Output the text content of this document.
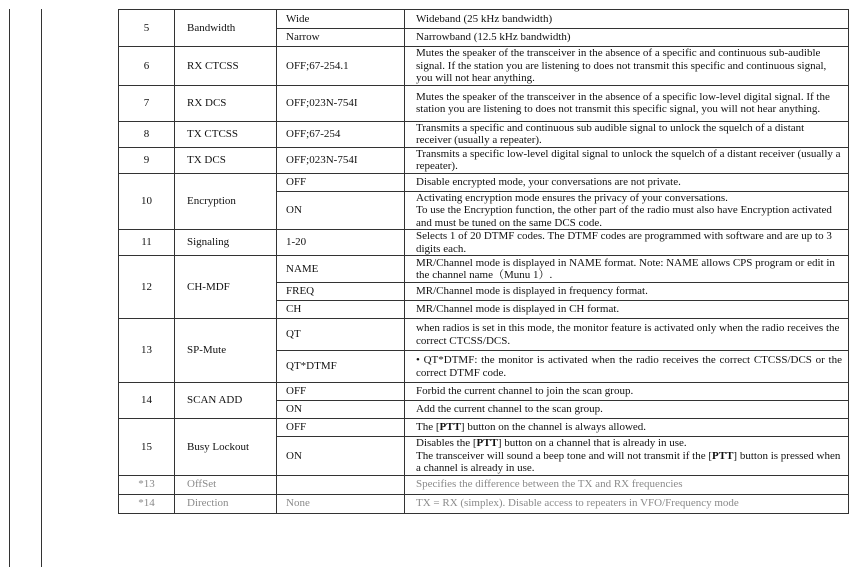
5	Bandwidth	Wide	Wideband (25 kHz bandwidth)
		Narrow	Narrowband (12.5 kHz bandwidth)
6	RX CTCSS	OFF;67-254.1	Mutes the speaker of the transceiver in the absence of a specific and continuous sub-audible signal. If the station you are listening to does not transmit this specific and continuous signal, you will not hear anything.
7	RX DCS	OFF;023N-754I	Mutes the speaker of the transceiver in the absence of a specific low-level digital signal. If the station you are listening to does not transmit this specific signal, you will not hear anything.
8	TX CTCSS	OFF;67-254	Transmits a specific and continuous sub audible signal to unlock the squelch of a distant receiver (usually a repeater).
9	TX DCS	OFF;023N-754I	Transmits a specific low-level digital signal to unlock the squelch of a distant receiver (usually a repeater).
10	Encryption	OFF	Disable encrypted mode, your conversations are not private.
		ON	Activating encryption mode ensures the privacy of your conversations.
To use the Encryption function, the other part of the radio must also have Encryption activated and must be tuned on the same DCS code.

11	Signaling	1-20	Selects 1 of 20 DTMF codes. The DTMF codes are programmed with software and are up to 3 digits each.
12	CH-MDF	NAME	MR/Channel mode is displayed in NAME format. Note: NAME allows CPS program or edit in the channel name（Munu 1）.
		FREQ	MR/Channel mode is displayed in frequency format.
		CH	MR/Channel mode is displayed in CH format.
13	SP-Mute	QT	when radios is set in this mode, the monitor feature is activated only when the radio receives the correct CTCSS/DCS.
		QT*DTMF	• QT*DTMF: the monitor is activated when the radio receives the correct CTCSS/DCS or the correct DTMF code.
14	SCAN ADD	OFF	Forbid the current channel to join the scan group.
		ON	Add the current channel to the scan group.
15	Busy Lockout	OFF	The [PTT] button on the channel is always allowed.
		ON	Disables the [PTT] button on a channel that is already in use.
The transceiver will sound a beep tone and will not transmit if the [PTT] button is pressed when a channel is already in use.
*13	OffSet		Specifies the difference between the TX and RX frequencies
*14	Direction	None	TX = RX (simplex). Disable access to repeaters in VFO/Frequency mode
